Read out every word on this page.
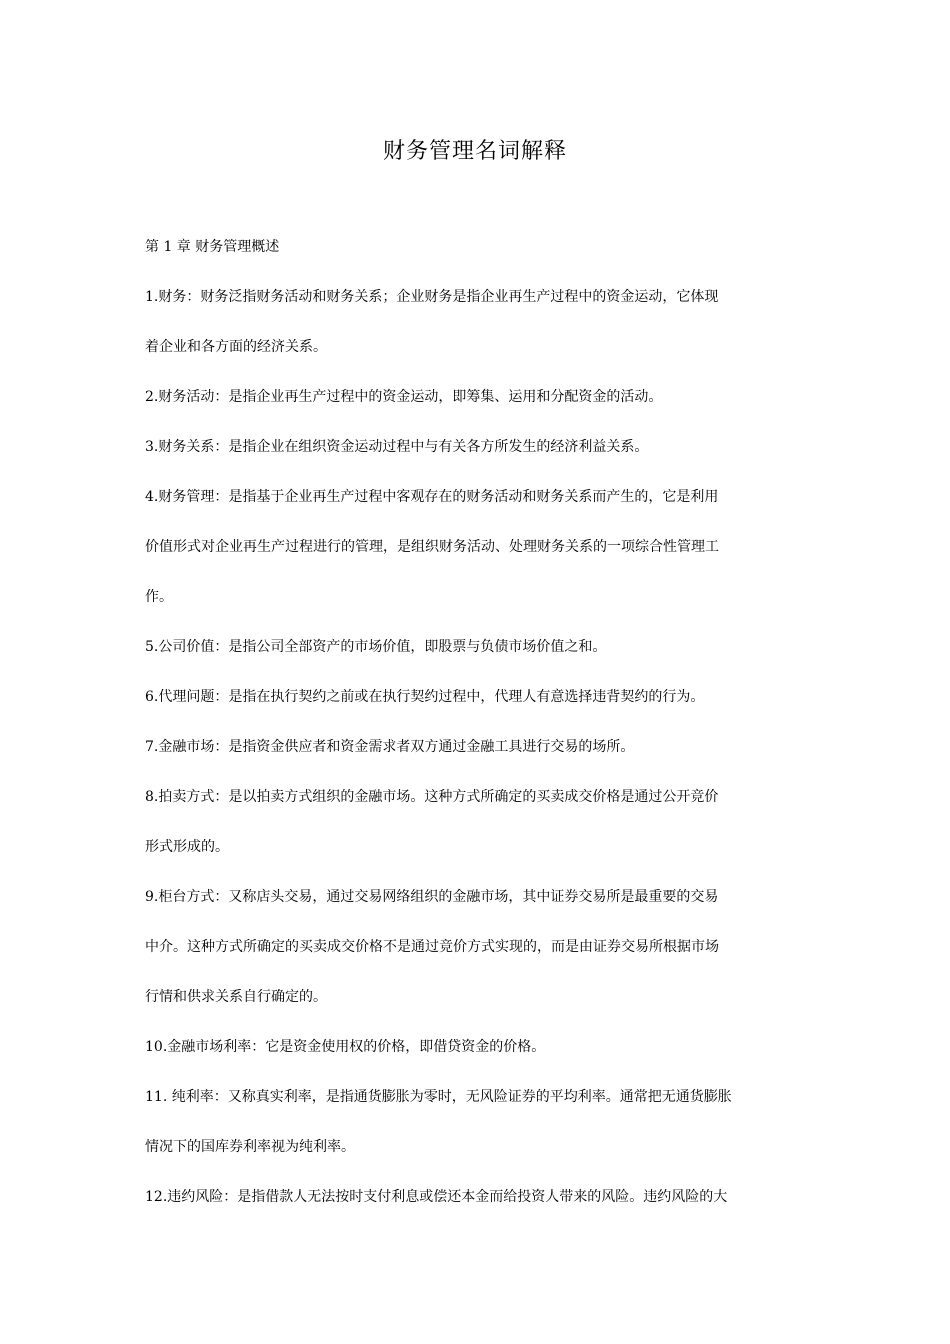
财务管理名词解释
第 1 章 财务管理概述
1.财务：财务泛指财务活动和财务关系；企业财务是指企业再生产过程中的资金运动，它体现
着企业和各方面的经济关系。
2.财务活动：是指企业再生产过程中的资金运动，即筹集、运用和分配资金的活动。
3.财务关系：是指企业在组织资金运动过程中与有关各方所发生的经济利益关系。
4.财务管理：是指基于企业再生产过程中客观存在的财务活动和财务关系而产生的，它是利用
价值形式对企业再生产过程进行的管理，是组织财务活动、处理财务关系的一项综合性管理工
作。
5.公司价值：是指公司全部资产的市场价值，即股票与负债市场价值之和。
6.代理问题：是指在执行契约之前或在执行契约过程中，代理人有意选择违背契约的行为。
7.金融市场：是指资金供应者和资金需求者双方通过金融工具进行交易的场所。
8.拍卖方式：是以拍卖方式组织的金融市场。这种方式所确定的买卖成交价格是通过公开竞价
形式形成的。
9.柜台方式：又称店头交易，通过交易网络组织的金融市场，其中证券交易所是最重要的交易
中介。这种方式所确定的买卖成交价格不是通过竞价方式实现的，而是由证券交易所根据市场
行情和供求关系自行确定的。
10.金融市场利率：它是资金使用权的价格，即借贷资金的价格。
11. 纯利率：又称真实利率，是指通货膨胀为零时，无风险证券的平均利率。通常把无通货膨胀
情况下的国库券利率视为纯利率。
12.违约风险：是指借款人无法按时支付利息或偿还本金而给投资人带来的风险。违约风险的大
